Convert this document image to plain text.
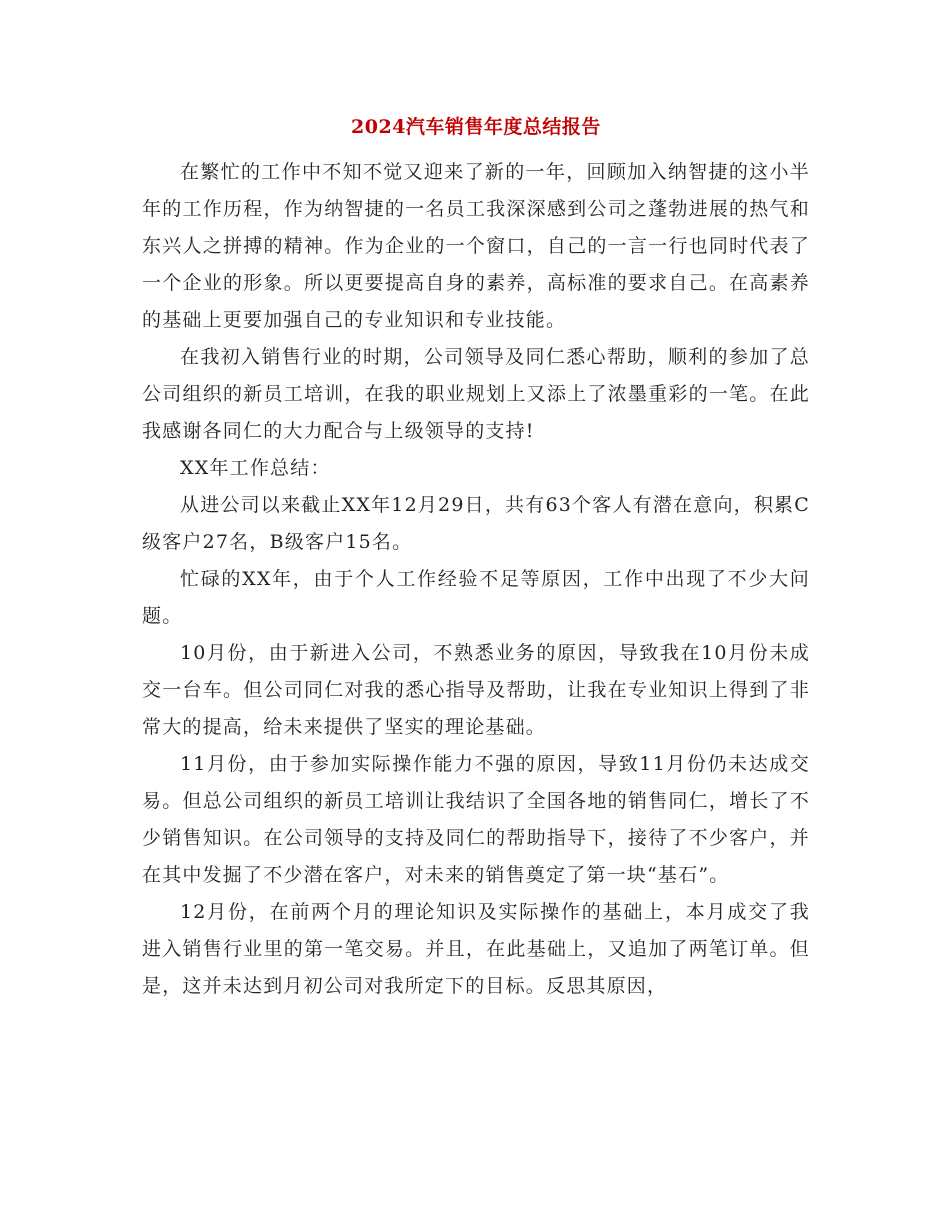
2024汽车销售年度总结报告

在繁忙的工作中不知不觉又迎来了新的一年，回顾加入纳智捷的这小半年的工作历程，作为纳智捷的一名员工我深深感到公司之蓬勃进展的热气和东兴人之拼搏的精神。作为企业的一个窗口，自己的一言一行也同时代表了一个企业的形象。所以更要提高自身的素养，高标准的要求自己。在高素养的基础上更要加强自己的专业知识和专业技能。

在我初入销售行业的时期，公司领导及同仁悉心帮助，顺利的参加了总公司组织的新员工培训，在我的职业规划上又添上了浓墨重彩的一笔。在此我感谢各同仁的大力配合与上级领导的支持!

XX年工作总结：

从进公司以来截止XX年12月29日，共有63个客人有潜在意向，积累C级客户27名，B级客户15名。

忙碌的XX年，由于个人工作经验不足等原因，工作中出现了不少大问题。

10月份，由于新进入公司，不熟悉业务的原因，导致我在10月份未成交一台车。但公司同仁对我的悉心指导及帮助，让我在专业知识上得到了非常大的提高，给未来提供了坚实的理论基础。

11月份，由于参加实际操作能力不强的原因，导致11月份仍未达成交易。但总公司组织的新员工培训让我结识了全国各地的销售同仁，增长了不少销售知识。在公司领导的支持及同仁的帮助指导下，接待了不少客户，并在其中发掘了不少潜在客户，对未来的销售奠定了第一块“基石”。

12月份，在前两个月的理论知识及实际操作的基础上，本月成交了我进入销售行业里的第一笔交易。并且，在此基础上，又追加了两笔订单。但是，这并未达到月初公司对我所定下的目标。反思其原因，
